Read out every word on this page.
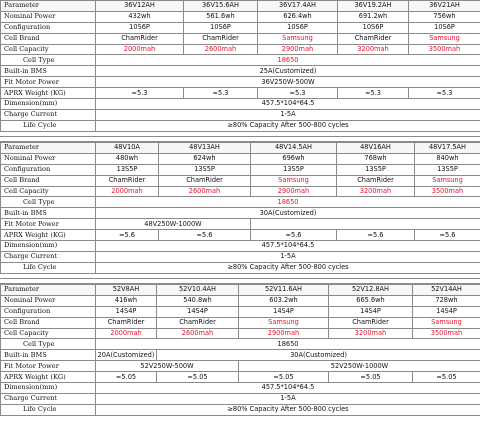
Parameter	36V12AH	36V15.6AH	36V17.4AH	36V19.2AH	36V21AH
Nominal Power	432wh	561.6wh	626.4wh	691.2wh	756wh
Configuration	10S6P	10S6P	10S6P	10S6P	10S6P
Cell Brand	ChamRider	ChamRider	Samsung	ChamRider	Samsung
Cell Capacity	2000mah	2600mah	2900mah	3200mah	3500mah
Cell Type	18650				
Built-in BMS	25A(Customized)				
Fit Motor Power	36V250W-500W				
APRX Weight (KG)	≈5.3	≈5.3	≈5.3	≈5.3	≈5.3
Dimension(mm)	457.5*104*64.5				
Charge Current	1-5A				
Life Cycle	≥80% Capacity After 500-800 cycles				
Parameter	48V10A	48V13AH	48V14.5AH	48V16AH	48V17.5AH
Nominal Power	480wh	624wh	696wh	768wh	840wh
Configuration	13S5P	13S5P	13S5P	13S5P	13S5P
Cell Brand	ChamRider	ChamRider	Samsung	ChamRider	Samsung
Cell Capacity	2000mah	2600mah	2900mah	3200mah	3500mah
Cell Type	18650				
Built-in BMS	30A(Customized)				
Fit Motor Power	48V250W-1000W				
APRX Weight (KG)	≈5.6	≈5.6	≈5.6	≈5.6	≈5.6
Dimension(mm)	457.5*104*64.5				
Charge Current	1-5A				
Life Cycle	≥80% Capacity After 500-800 cycles				
Parameter	52V8AH	52V10.4AH	52V11.6AH	52V12.8AH	52V14AH
Nominal Power	416wh	540.8wh	603.2wh	665.6wh	728wh
Configuration	14S4P	14S4P	14S4P	14S4P	14S4P
Cell Brand	ChamRider	ChamRider	Samsung	ChamRider	Samsung
Cell Capacity	2000mah	2600mah	2900mah	3200mah	3500mah
Cell Type	18650				
Built-in BMS	20A(Customized)	30A(Customized)			
Fit Motor Power	52V250W-500W		52V250W-1000W		
APRX Weight (KG)	≈5.05	≈5.05	≈5.05	≈5.05	≈5.05
Dimension(mm)	457.5*104*64.5				
Charge Current	1-5A				
Life Cycle	≥80% Capacity After 500-800 cycles				
